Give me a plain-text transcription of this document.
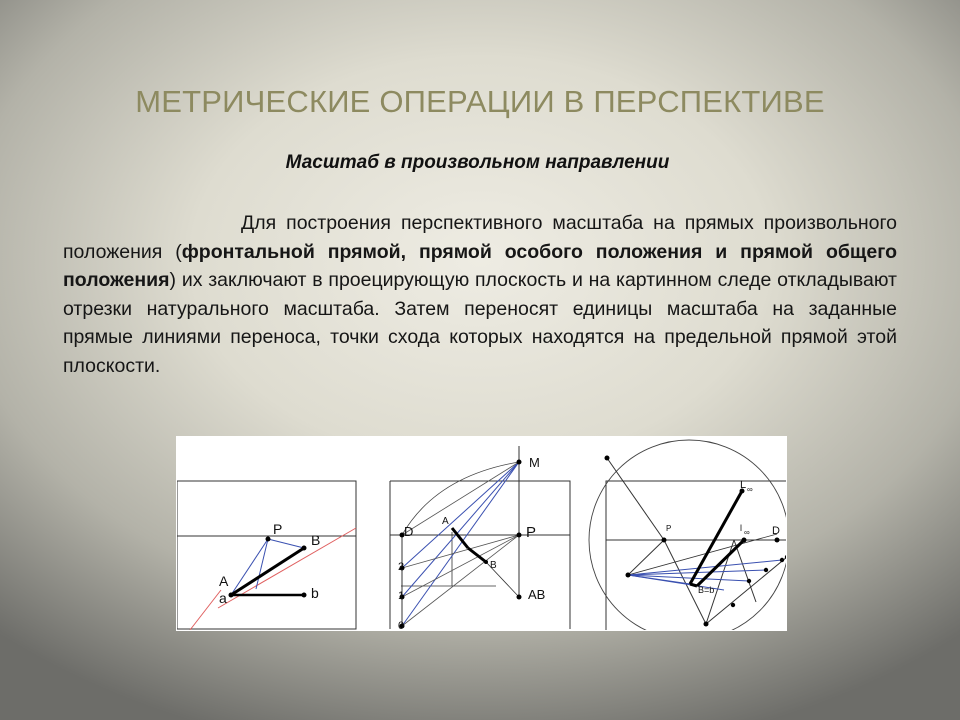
МЕТРИЧЕСКИЕ ОПЕРАЦИИ В ПЕРСПЕКТИВЕ
Масштаб в произвольном направлении

Для построения перспективного масштаба на прямых произвольного положения (фронтальной прямой, прямой особого положения и прямой общего положения) их заключают в проецирующую плоскость и на картинном следе откладывают отрезки натурального масштаба. Затем переносят единицы масштаба на заданные прямые линиями переноса, точки схода которых находятся на предельной прямой этой плоскости.

P
B
A
a	b
M
D	P
A
B
AB
2
1
0
P
L ∞
l ∞ D
B=b
